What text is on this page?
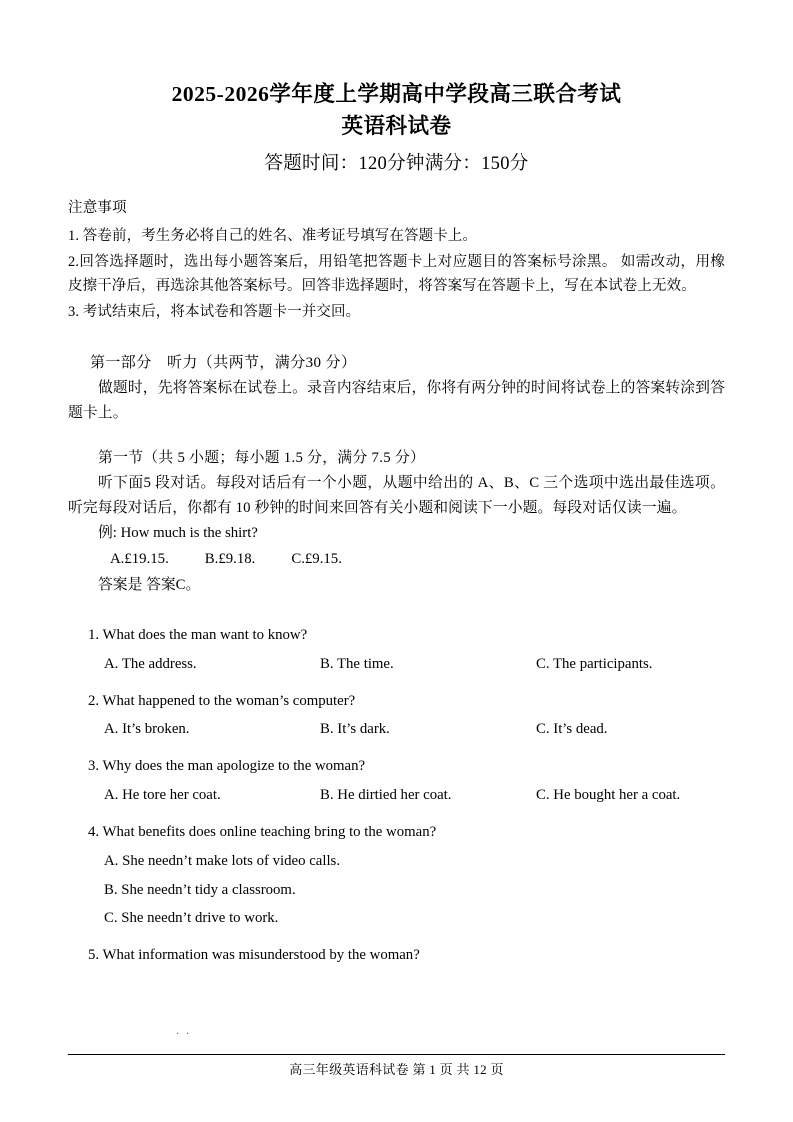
2025-2026学年度上学期高中学段高三联合考试
英语科试卷
答题时间：120分钟满分：150分
注意事项

1. 答卷前，考生务必将自己的姓名、准考证号填写在答题卡上。

2.回答选择题时，选出每小题答案后，用铅笔把答题卡上对应题目的答案标号涂黑。 如需改动，用橡皮擦干净后，再选涂其他答案标号。回答非选择题时，将答案写在答题卡上，写在本试卷上无效。

3. 考试结束后，将本试卷和答题卡一并交回。

第一部分　听力（共两节，满分30 分）

做题时，先将答案标在试卷上。录音内容结束后，你将有两分钟的时间将试卷上的答案转涂到答题卡上。

第一节（共 5 小题；每小题 1.5 分，满分 7.5 分）

听下面5 段对话。每段对话后有一个小题，从题中给出的 A、B、C 三个选项中选出最佳选项。听完每段对话后，你都有 10 秒钟的时间来回答有关小题和阅读下一小题。每段对话仅读一遍。

例: How much is the shirt?
A.£19.15. B.£9.18. C.£9.15.
答案是 答案C。

1. What does the man want to know?

A. The address.	B. The time.	C. The participants.

2. What happened to the woman’s computer?

A. It’s broken.	B. It’s dark.	C. It’s dead.

3. Why does the man apologize to the woman?

A. He tore her coat.	B. He dirtied her coat.	C. He bought her a coat.

4. What benefits does online teaching bring to the woman?

A. She needn’t make lots of video calls.
B. She needn’t tidy a classroom.
C. She needn’t drive to work.

5. What information was misunderstood by the woman?

· ·
高三年级英语科试卷 第 1 页 共 12 页
